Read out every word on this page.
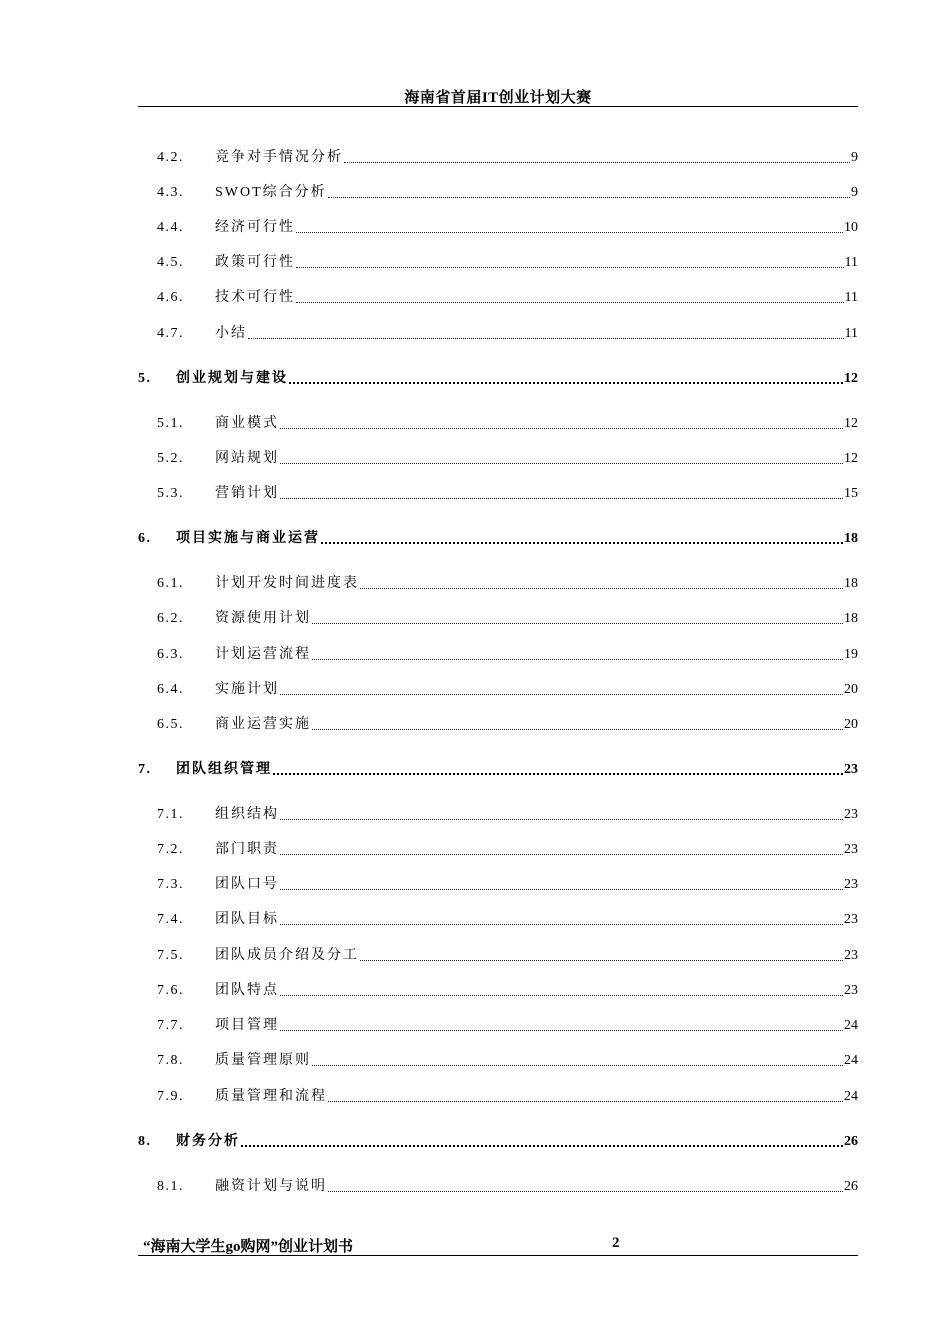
海南省首届IT创业计划大赛
4.2.	竞争对手情况分析	9
4.3.	SWOT综合分析	9
4.4.	经济可行性	10
4.5.	政策可行性	11
4.6.	技术可行性	11
4.7.	小结	11
5.	创业规划与建设	12
5.1.	商业模式	12
5.2.	网站规划	12
5.3.	营销计划	15
6.	项目实施与商业运营	18
6.1.	计划开发时间进度表	18
6.2.	资源使用计划	18
6.3.	计划运营流程	19
6.4.	实施计划	20
6.5.	商业运营实施	20
7.	团队组织管理	23
7.1.	组织结构	23
7.2.	部门职责	23
7.3.	团队口号	23
7.4.	团队目标	23
7.5.	团队成员介绍及分工	23
7.6.	团队特点	23
7.7.	项目管理	24
7.8.	质量管理原则	24
7.9.	质量管理和流程	24
8.	财务分析	26
8.1.	融资计划与说明	26
“海南大学生go购网”创业计划书	2
